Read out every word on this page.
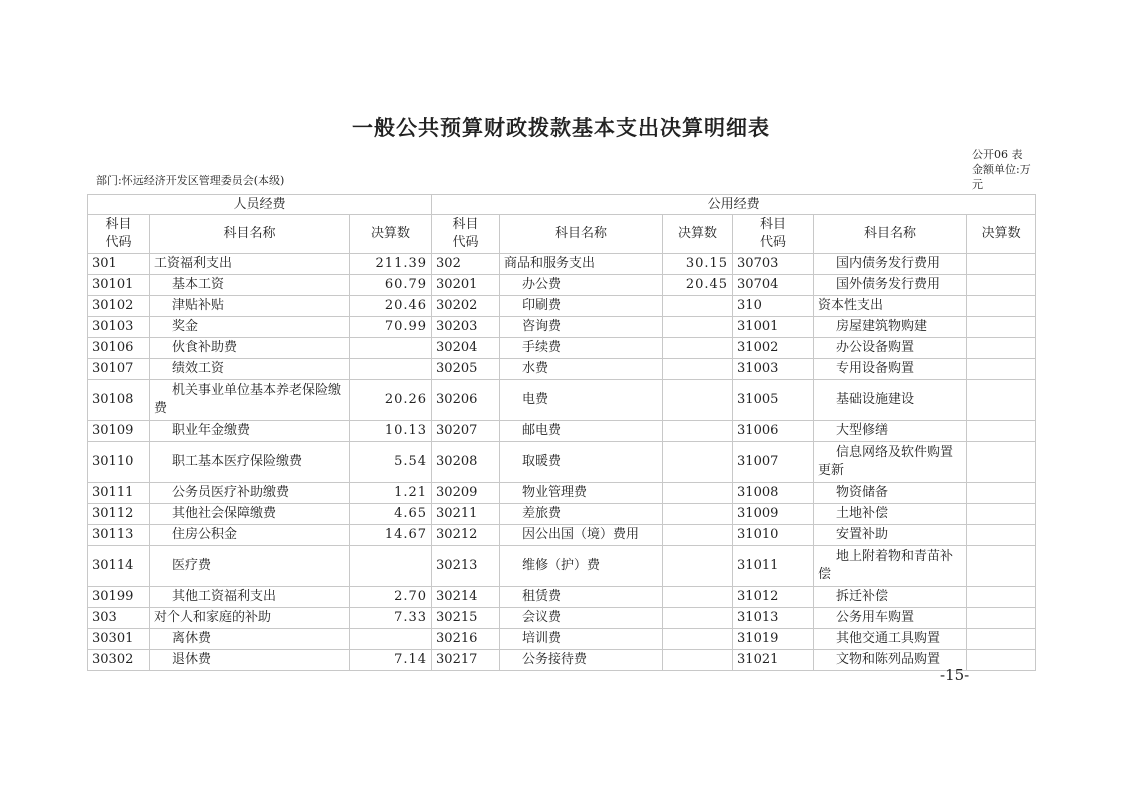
一般公共预算财政拨款基本支出决算明细表
公开06 表
金额单位:万元
部门:怀远经济开发区管理委员会(本级)
人员经费			公用经费					
科目代码	科目名称	决算数	科目代码	科目名称	决算数	科目代码	科目名称	决算数
301	工资福利支出	211.39	302	商品和服务支出	30.15	30703	国内债务发行费用	
30101	基本工资	60.79	30201	办公费	20.45	30704	国外债务发行费用	
30102	津贴补贴	20.46	30202	印刷费		310	资本性支出	
30103	奖金	70.99	30203	咨询费		31001	房屋建筑物购建	
30106	伙食补助费		30204	手续费		31002	办公设备购置	
30107	绩效工资		30205	水费		31003	专用设备购置	
30108	机关事业单位基本养老保险缴费	20.26	30206	电费		31005	基础设施建设	
30109	职业年金缴费	10.13	30207	邮电费		31006	大型修缮	
30110	职工基本医疗保险缴费	5.54	30208	取暖费		31007	信息网络及软件购置更新	
30111	公务员医疗补助缴费	1.21	30209	物业管理费		31008	物资储备	
30112	其他社会保障缴费	4.65	30211	差旅费		31009	土地补偿	
30113	住房公积金	14.67	30212	因公出国（境）费用		31010	安置补助	
30114	医疗费		30213	维修（护）费		31011	地上附着物和青苗补偿	
30199	其他工资福利支出	2.70	30214	租赁费		31012	拆迁补偿	
303	对个人和家庭的补助	7.33	30215	会议费		31013	公务用车购置	
30301	离休费		30216	培训费		31019	其他交通工具购置	
30302	退休费	7.14	30217	公务接待费		31021	文物和陈列品购置	
-15-
